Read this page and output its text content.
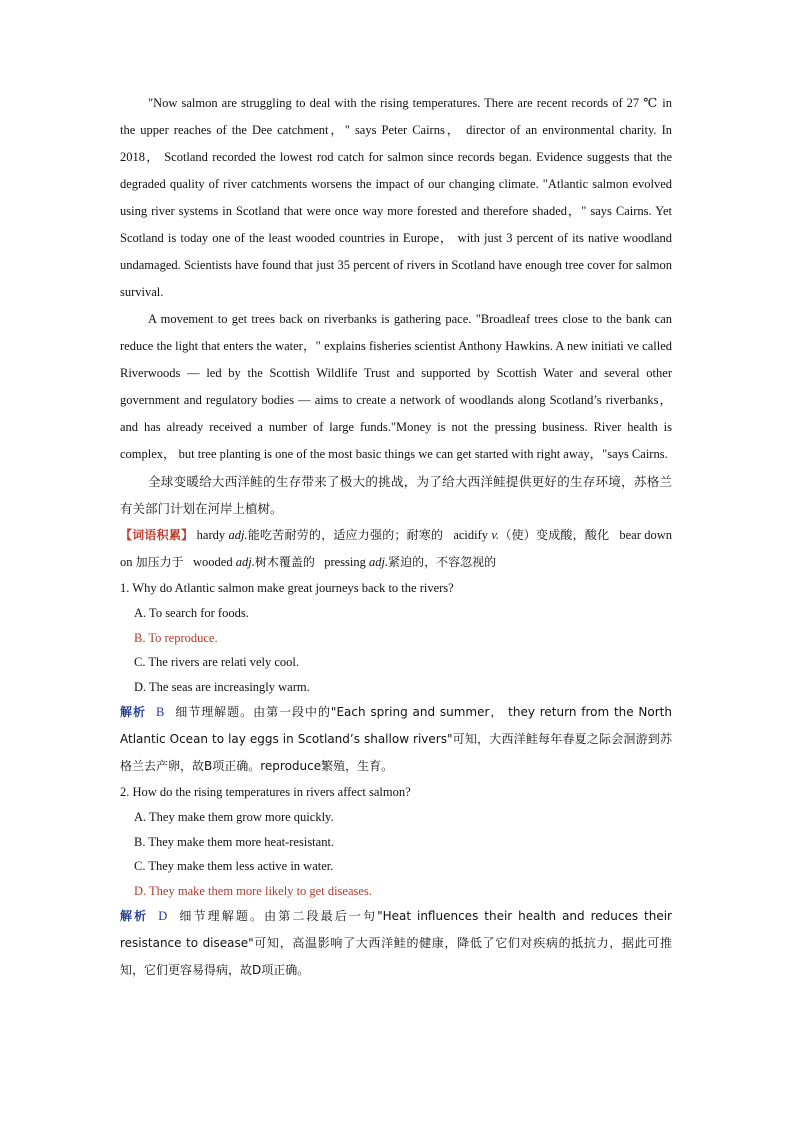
"Now salmon are struggling to deal with the rising temperatures. There are recent records of 27 ℃ in the upper reaches of the Dee catchment，" says Peter Cairns， director of an environmental charity. In 2018， Scotland recorded the lowest rod catch for salmon since records began. Evidence suggests that the degraded quality of river catchments worsens the impact of our changing climate. "Atlantic salmon evolved using river systems in Scotland that were once way more forested and therefore shaded，" says Cairns. Yet Scotland is today one of the least wooded countries in Europe， with just 3 percent of its native woodland undamaged. Scientists have found that just 35 percent of rivers in Scotland have enough tree cover for salmon survival.

A movement to get trees back on riverbanks is gathering pace. "Broadleaf trees close to the bank can reduce the light that enters the water，" explains fisheries scientist Anthony Hawkins. A new initiati ve called Riverwoods — led by the Scottish Wildlife Trust and supported by Scottish Water and several other government and regulatory bodies — aims to create a network of woodlands along Scotland’s riverbanks， and has already received a number of large funds."Money is not the pressing business. River health is complex， but tree planting is one of the most basic things we can get started with right away，"says Cairns.

全球变暖给大西洋鲑的生存带来了极大的挑战，为了给大西洋鲑提供更好的生存环境，苏格兰有关部门计划在河岸上植树。

【词语积累】 hardy adj.能吃苦耐劳的，适应力强的；耐寒的 acidify v.（使）变成酸，酸化 bear down on 加压力于 wooded adj.树木覆盖的 pressing adj.紧迫的，不容忽视的

1. Why do Atlantic salmon make great journeys back to the rivers?

A. To search for foods.
B. To reproduce.
C. The rivers are relati vely cool.
D. The seas are increasingly warm.

解析 B 细节理解题。由第一段中的"Each spring and summer， they return from the North Atlantic Ocean to lay eggs in Scotland’s shallow rivers"可知，大西洋鲑每年春夏之际会洄游到苏格兰去产卵，故B项正确。reproduce繁殖，生育。

2. How do the rising temperatures in rivers affect salmon?

A. They make them grow more quickly.
B. They make them more heat-resistant.
C. They make them less active in water.
D. They make them more likely to get diseases.

解析 D 细节理解题。由第二段最后一句"Heat influences their health and reduces their resistance to disease"可知，高温影响了大西洋鲑的健康，降低了它们对疾病的抵抗力，据此可推知，它们更容易得病，故D项正确。
